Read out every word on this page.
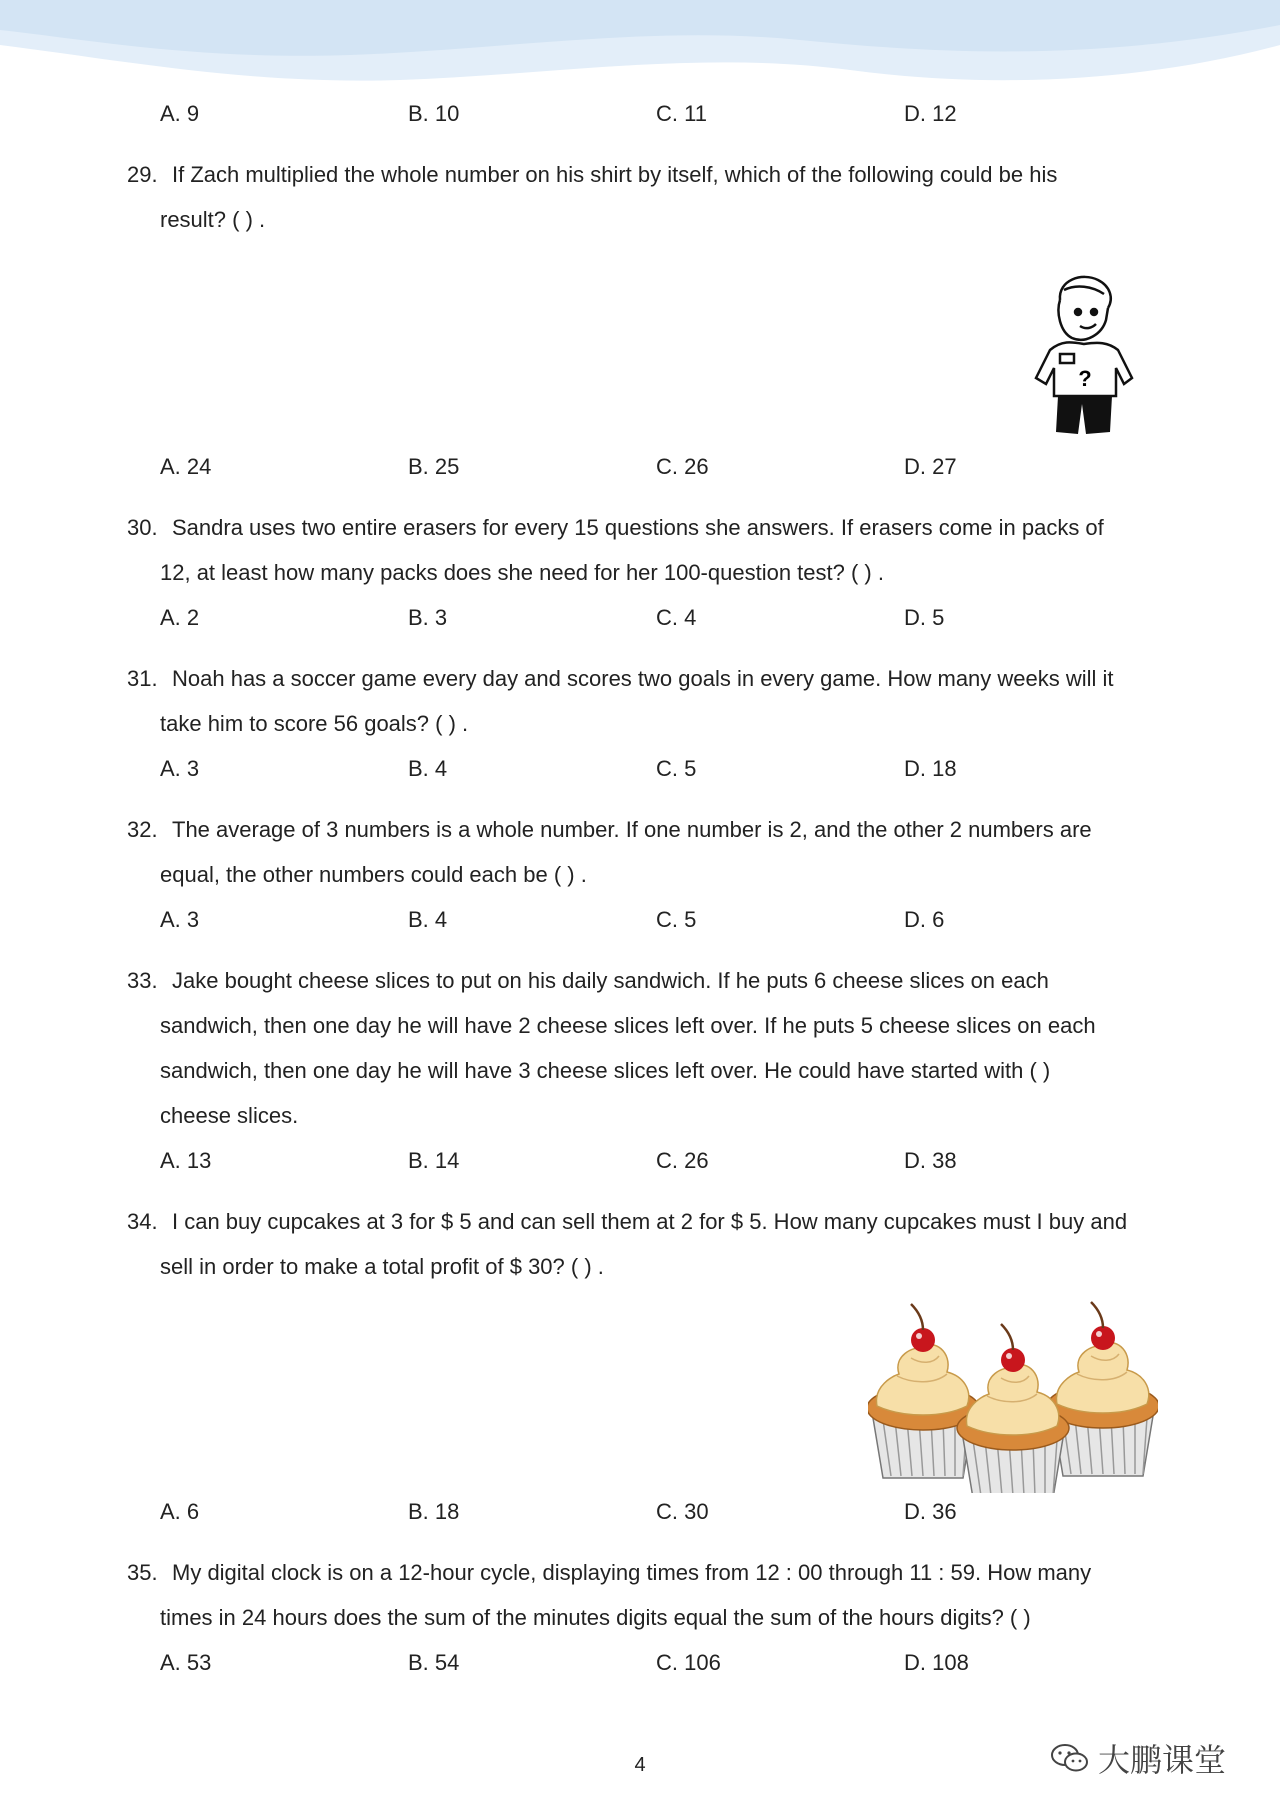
A. 9	B. 10	C. 11	D. 12
29. If Zach multiplied the whole number on his shirt by itself, which of the following could be his
result? ( ) .
?
A. 24	B. 25	C. 26	D. 27
30. Sandra uses two entire erasers for every 15 questions she answers. If erasers come in packs of
12, at least how many packs does she need for her 100-question test? ( ) .
A. 2	B. 3	C. 4	D. 5
31. Noah has a soccer game every day and scores two goals in every game. How many weeks will it
take him to score 56 goals? ( ) .
A. 3	B. 4	C. 5	D. 18
32. The average of 3 numbers is a whole number. If one number is 2, and the other 2 numbers are
equal, the other numbers could each be ( ) .
A. 3	B. 4	C. 5	D. 6
33. Jake bought cheese slices to put on his daily sandwich. If he puts 6 cheese slices on each
sandwich, then one day he will have 2 cheese slices left over. If he puts 5 cheese slices on each
sandwich, then one day he will have 3 cheese slices left over. He could have started with ( )
cheese slices.
A. 13	B. 14	C. 26	D. 38
34. I can buy cupcakes at 3 for $ 5 and can sell them at 2 for $ 5. How many cupcakes must I buy and
sell in order to make a total profit of $ 30? ( ) .
A. 6	B. 18	C. 30	D. 36
35. My digital clock is on a 12-hour cycle, displaying times from 12 : 00 through 11 : 59. How many
times in 24 hours does the sum of the minutes digits equal the sum of the hours digits? ( )
A. 53	B. 54	C. 106	D. 108
4	大鹏课堂
